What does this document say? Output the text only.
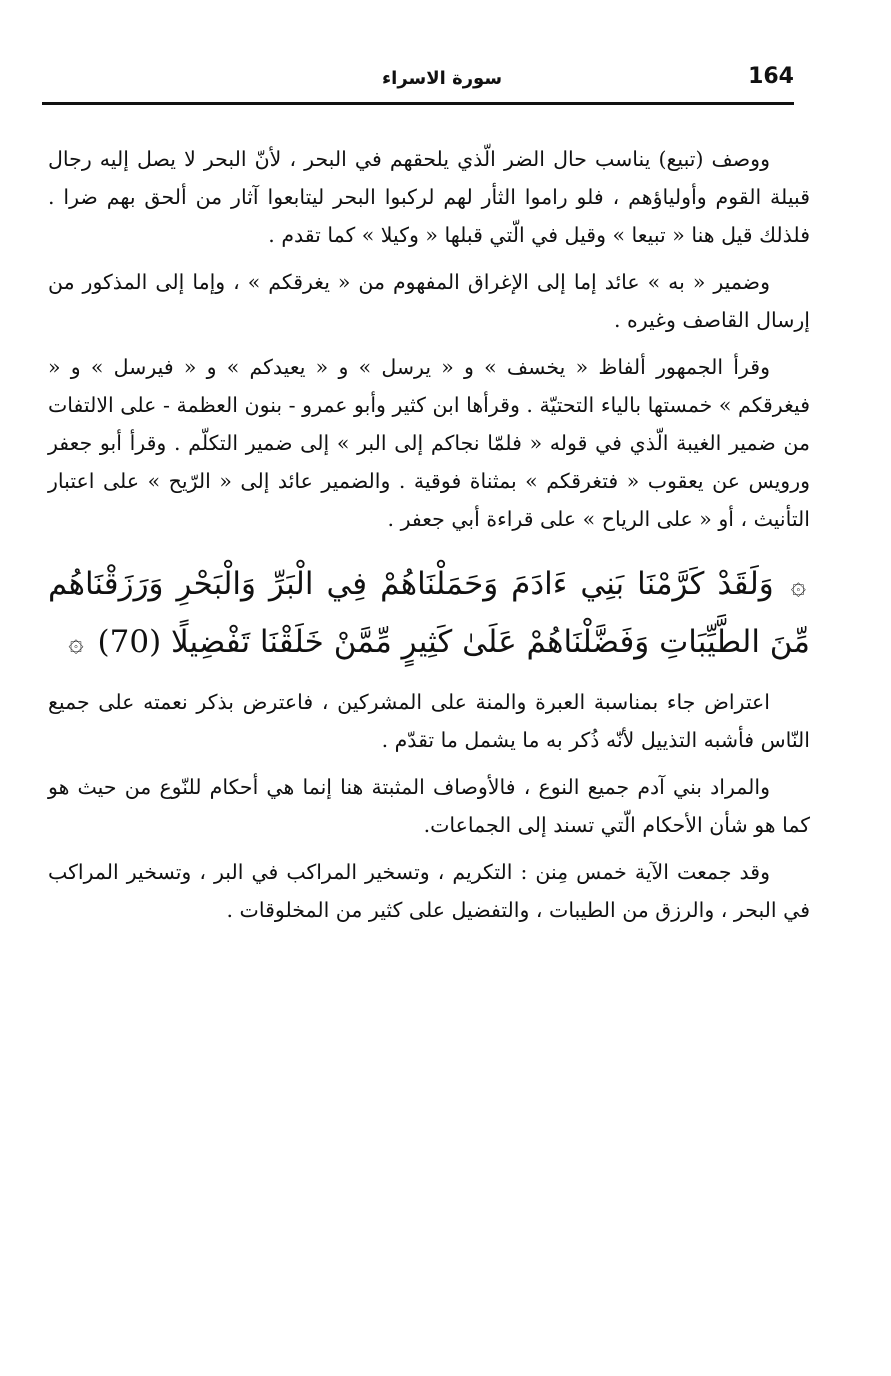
164
سورة الاسراء

ووصف (تبيع) يناسب حال الضر الّذي يلحقهم في البحر ، لأنّ البحر لا يصل إليه رجال قبيلة القوم وأولياؤهم ، فلو راموا الثأر لهم لركبوا البحر ليتابعوا آثار من ألحق بهم ضرا . فلذلك قيل هنا « تبيعا » وقيل في الّتي قبلها « وكيلا » كما تقدم .

وضمير « به » عائد إما إلى الإغراق المفهوم من « يغرقكم » ، وإما إلى المذكور من إرسال القاصف وغيره .

وقرأ الجمهور ألفاظ « يخسف » و « يرسل » و « يعيدكم » و « فيرسل » و « فيغرقكم » خمستها بالياء التحتيّة . وقرأها ابن كثير وأبو عمرو - بنون العظمة - على الالتفات من ضمير الغيبة الّذي في قوله « فلمّا نجاكم إلى البر » إلى ضمير التكلّم . وقرأ أبو جعفر ورويس عن يعقوب « فتغرقكم » بمثناة فوقية . والضمير عائد إلى « الرّيح » على اعتبار التأنيث ، أو « على الرياح » على قراءة أبي جعفر .

۞ وَلَقَدْ كَرَّمْنَا بَنِي ءَادَمَ وَحَمَلْنَاهُمْ فِي الْبَرِّ وَالْبَحْرِ وَرَزَقْنَاهُم مِّنَ الطَّيِّبَاتِ وَفَضَّلْنَاهُمْ عَلَىٰ كَثِيرٍ مِّمَّنْ خَلَقْنَا تَفْضِيلًا (70) ۞

اعتراض جاء بمناسبة العبرة والمنة على المشركين ، فاعترض بذكر نعمته على جميع النّاس فأشبه التذييل لأنّه ذُكر به ما يشمل ما تقدّم .

والمراد بني آدم جميع النوع ، فالأوصاف المثبتة هنا إنما هي أحكام للنّوع من حيث هو كما هو شأن الأحكام الّتي تسند إلى الجماعات.

وقد جمعت الآية خمس مِنن : التكريم ، وتسخير المراكب في البر ، وتسخير المراكب في البحر ، والرزق من الطيبات ، والتفضيل على كثير من المخلوقات .
